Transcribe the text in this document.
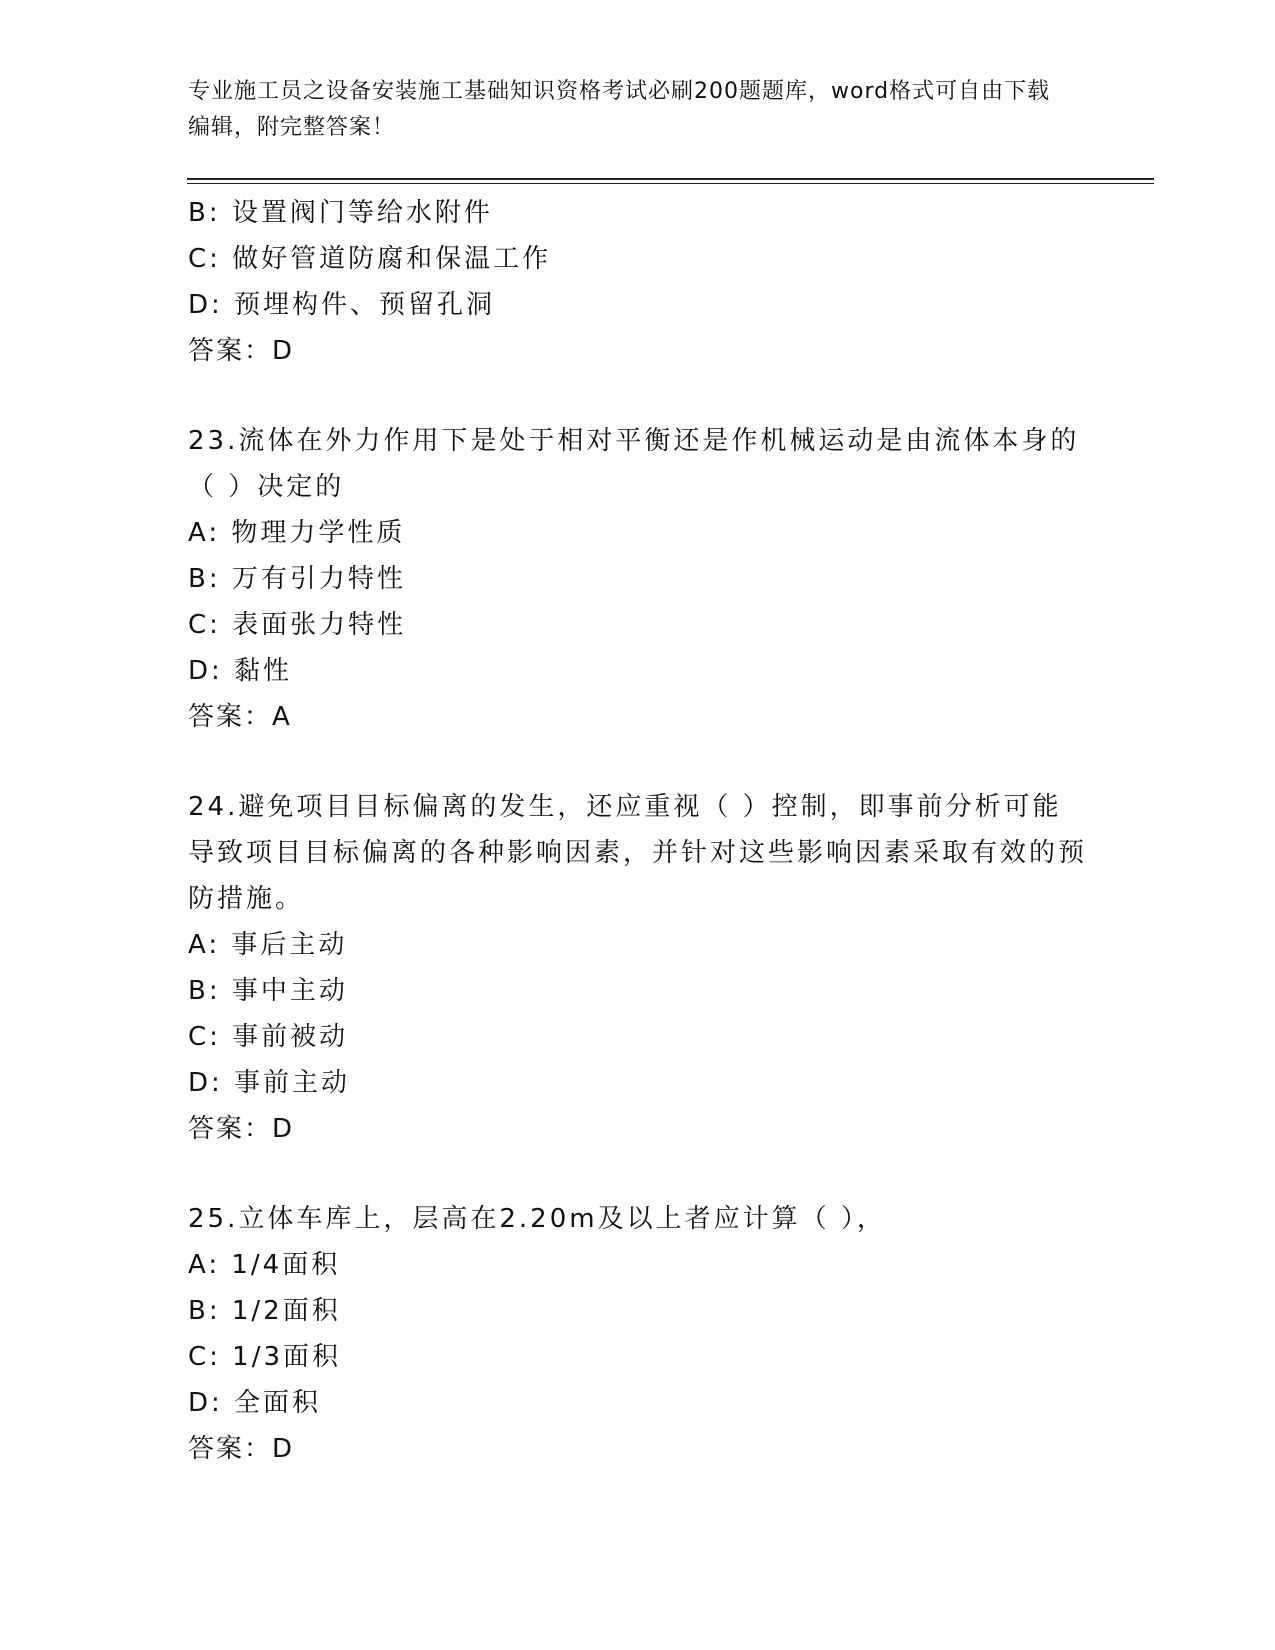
专业施工员之设备安装施工基础知识资格考试必刷200题题库，word格式可自由下载编辑，附完整答案！
B: 设置阀门等给水附件
C: 做好管道防腐和保温工作
D: 预埋构件、预留孔洞
答案：D
23.流体在外力作用下是处于相对平衡还是作机械运动是由流体本身的（ ）决定的
A: 物理力学性质
B: 万有引力特性
C: 表面张力特性
D: 黏性
答案：A
24.避免项目目标偏离的发生，还应重视（ ）控制，即事前分析可能导致项目目标偏离的各种影响因素，并针对这些影响因素采取有效的预防措施。
A: 事后主动
B: 事中主动
C: 事前被动
D: 事前主动
答案：D
25.立体车库上，层高在2.20m及以上者应计算（ ），
A: 1/4面积
B: 1/2面积
C: 1/3面积
D: 全面积
答案：D
